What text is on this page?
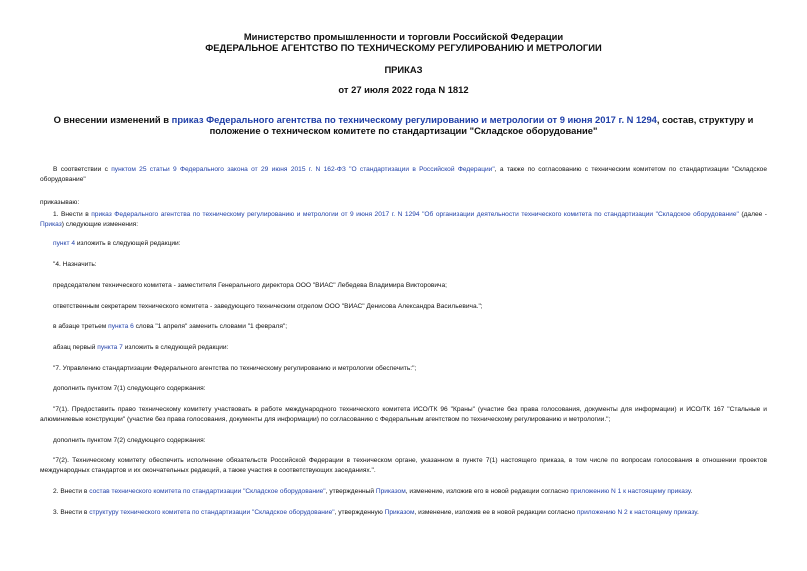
Министерство промышленности и торговли Российской Федерации
ФЕДЕРАЛЬНОЕ АГЕНТСТВО ПО ТЕХНИЧЕСКОМУ РЕГУЛИРОВАНИЮ И МЕТРОЛОГИИ
ПРИКАЗ
от 27 июля 2022 года N 1812
О внесении изменений в приказ Федерального агентства по техническому регулированию и метрологии от 9 июня 2017 г. N 1294, состав, структуру и положение о техническом комитете по стандартизации "Складское оборудование"
В соответствии с пунктом 25 статьи 9 Федерального закона от 29 июня 2015 г. N 162-ФЗ "О стандартизации в Российской Федерации", а также по согласованию с техническим комитетом по стандартизации "Складское оборудование"
приказываю:
1. Внести в приказ Федерального агентства по техническому регулированию и метрологии от 9 июня 2017 г. N 1294 "Об организации деятельности технического комитета по стандартизации "Складское оборудование" (далее - Приказ) следующие изменения:
пункт 4 изложить в следующей редакции:
"4. Назначить:
председателем технического комитета - заместителя Генерального директора ООО "ВИАС" Лебедева Владимира Викторовича;
ответственным секретарем технического комитета - заведующего техническим отделом ООО "ВИАС" Денисова Александра Васильевича.";
в абзаце третьем пункта 6 слова "1 апреля" заменить словами "1 февраля";
абзац первый пункта 7 изложить в следующей редакции:
"7. Управлению стандартизации Федерального агентства по техническому регулированию и метрологии обеспечить:";
дополнить пунктом 7(1) следующего содержания:
"7(1). Предоставить право техническому комитету участвовать в работе международного технического комитета ИСО/ТК 96 "Краны" (участие без права голосования, документы для информации) и ИСО/ТК 167 "Стальные и алюминиевые конструкции" (участие без права голосования, документы для информации) по согласованию с Федеральным агентством по техническому регулированию и метрологии.";
дополнить пунктом 7(2) следующего содержания:
"7(2). Техническому комитету обеспечить исполнение обязательств Российской Федерации в техническом органе, указанном в пункте 7(1) настоящего приказа, в том числе по вопросам голосования в отношении проектов международных стандартов и их окончательных редакций, а также участия в соответствующих заседаниях.".
2. Внести в состав технического комитета по стандартизации "Складское оборудование", утвержденный Приказом, изменение, изложив его в новой редакции согласно приложению N 1 к настоящему приказу.
3. Внести в структуру технического комитета по стандартизации "Складское оборудование", утвержденную Приказом, изменение, изложив ее в новой редакции согласно приложению N 2 к настоящему приказу.
